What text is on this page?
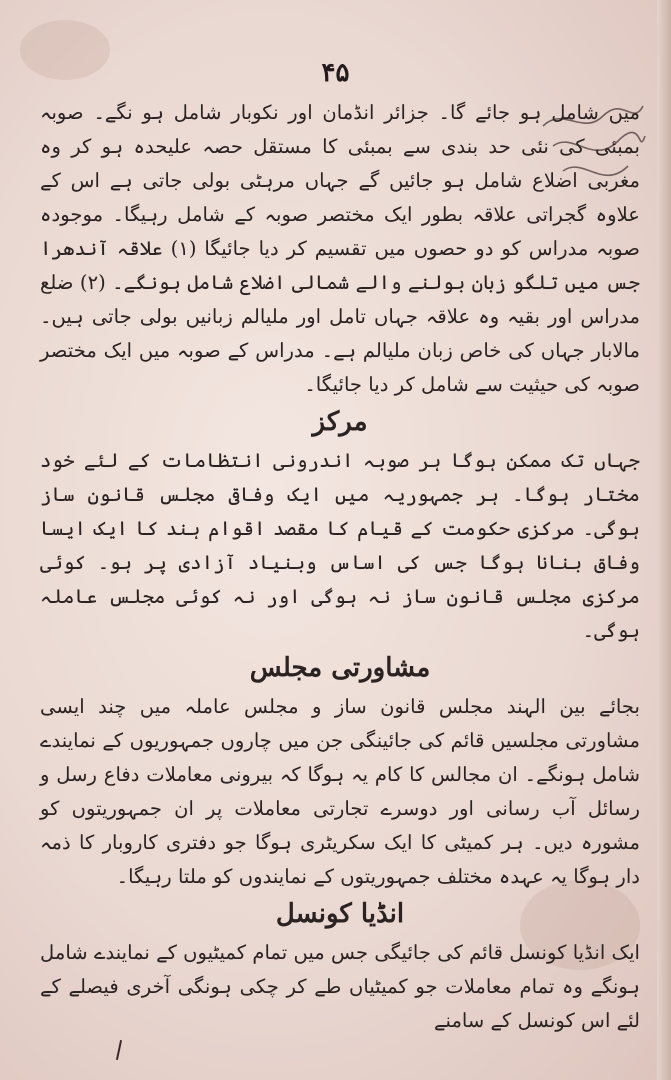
۴۵

میں شامل ہو جائے گا۔ جزائر انڈمان اور نکوبار شامل ہو نگے۔ صوبہ بمبئی کی نئی حد بندی سے بمبئی کا مستقل حصہ علیحدہ ہو کر وہ مغربی اضلاع شامل ہو جائیں گے جہاں مرہٹی بولی جاتی ہے اس کے علاوہ گجراتی علاقہ بطور ایک مختصر صوبہ کے شامل رہیگا۔ موجودہ صوبہ مدراس کو دو حصوں میں تقسیم کر دیا جائیگا (۱) علاقہ آندھرا جس میں تلگو زبان بولنے والے شمالی اضلاع شامل ہونگے۔ (۲) ضلع مدراس اور بقیہ وہ علاقہ جہاں تامل اور ملیالم زبانیں بولی جاتی ہیں۔ مالابار جہاں کی خاص زبان ملیالم ہے۔ مدراس کے صوبہ میں ایک مختصر صوبہ کی حیثیت سے شامل کر دیا جائیگا۔

مرکز

جہاں تک ممکن ہوگا ہر صوبہ اندرونی انتظامات کے لئے خود مختار ہوگا۔ ہر جمہوریہ میں ایک وفاقی مجلس قانون ساز ہوگی۔ مرکزی حکومت کے قیام کا مقصد اقوام ہند کا ایک ایسا وفاق بنانا ہوگا جس کی اساس وبنیاد آزادی پر ہو۔ کوئی مرکزی مجلس قانون ساز نہ ہوگی اور نہ کوئی مجلس عاملہ ہوگی۔

مشاورتی مجلس

بجائے بین الہند مجلس قانون ساز و مجلس عاملہ میں چند ایسی مشاورتی مجلسیں قائم کی جائینگی جن میں چاروں جمہوریوں کے نمایندے شامل ہونگے۔ ان مجالس کا کام یہ ہوگا کہ بیرونی معاملات دفاع رسل و رسائل آب رسانی اور دوسرے تجارتی معاملات پر ان جمہوریتوں کو مشورہ دیں۔ ہر کمیٹی کا ایک سکریٹری ہوگا جو دفتری کاروبار کا ذمہ دار ہوگا یہ عہدہ مختلف جمہوریتوں کے نمایندوں کو ملتا رہیگا۔

انڈیا کونسل

ایک انڈیا کونسل قائم کی جائیگی جس میں تمام کمیٹیوں کے نمایندے شامل ہونگے وہ تمام معاملات جو کمیٹیاں طے کر چکی ہونگی آخری فیصلے کے لئے اس کونسل کے سامنے
